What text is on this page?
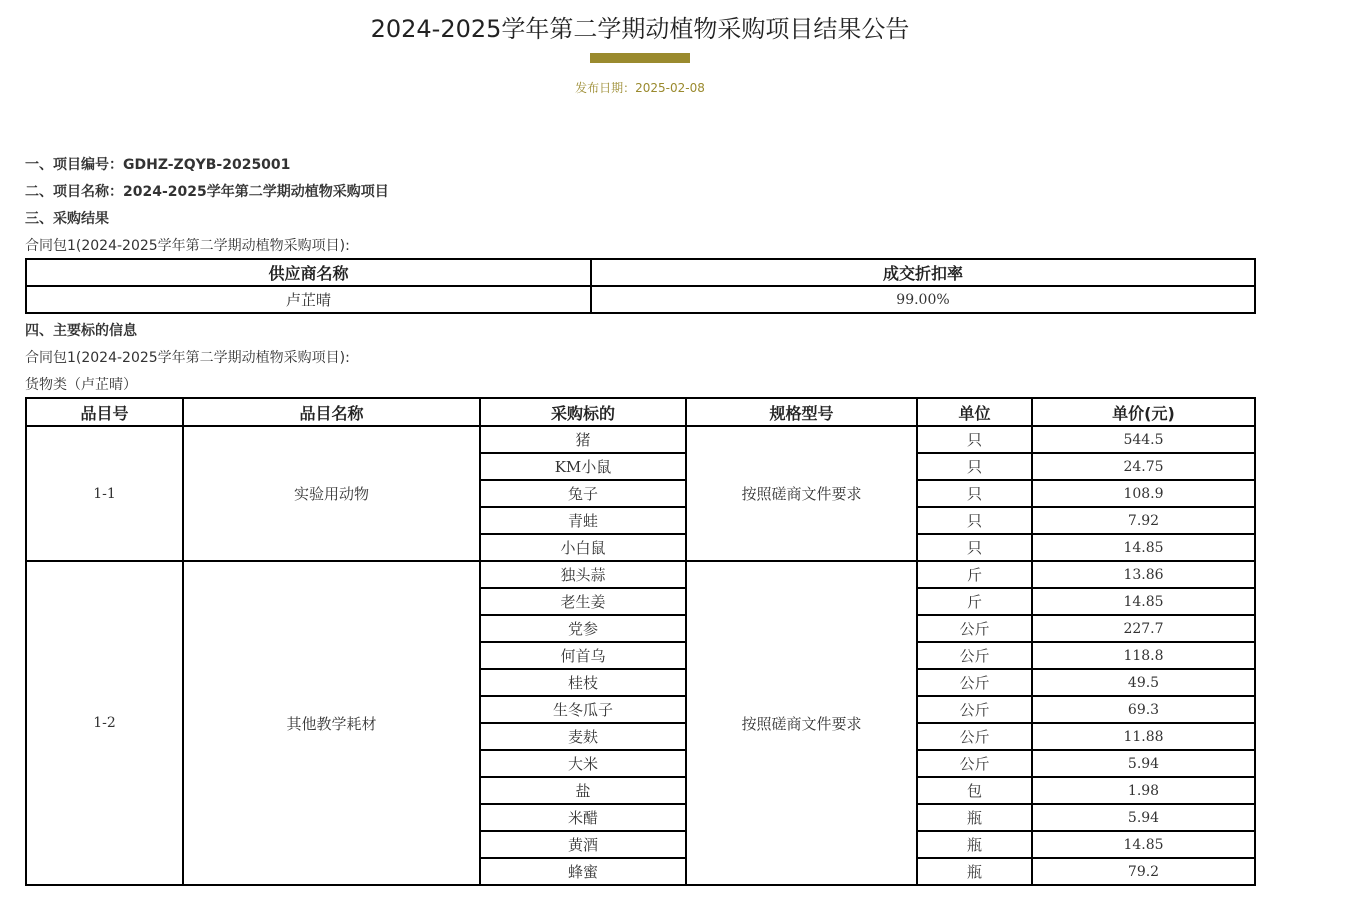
2024-2025学年第二学期动植物采购项目结果公告
发布日期：2025-02-08
一、项目编号：GDHZ-ZQYB-2025001
二、项目名称：2024-2025学年第二学期动植物采购项目
三、采购结果
合同包1(2024-2025学年第二学期动植物采购项目):
供应商名称	成交折扣率
卢芷晴	99.00%
四、主要标的信息
合同包1(2024-2025学年第二学期动植物采购项目):
货物类（卢芷晴）
品目号	品目名称	采购标的	规格型号	单位	单价(元)
1-1	实验用动物	猪	按照磋商文件要求	只	544.5
		KM小鼠		只	24.75
		兔子		只	108.9
		青蛙		只	7.92
		小白鼠		只	14.85
1-2	其他教学耗材	独头蒜	按照磋商文件要求	斤	13.86
		老生姜		斤	14.85
		党参		公斤	227.7
		何首乌		公斤	118.8
		桂枝		公斤	49.5
		生冬瓜子		公斤	69.3
		麦麸		公斤	11.88
		大米		公斤	5.94
		盐		包	1.98
		米醋		瓶	5.94
		黄酒		瓶	14.85
		蜂蜜		瓶	79.2
